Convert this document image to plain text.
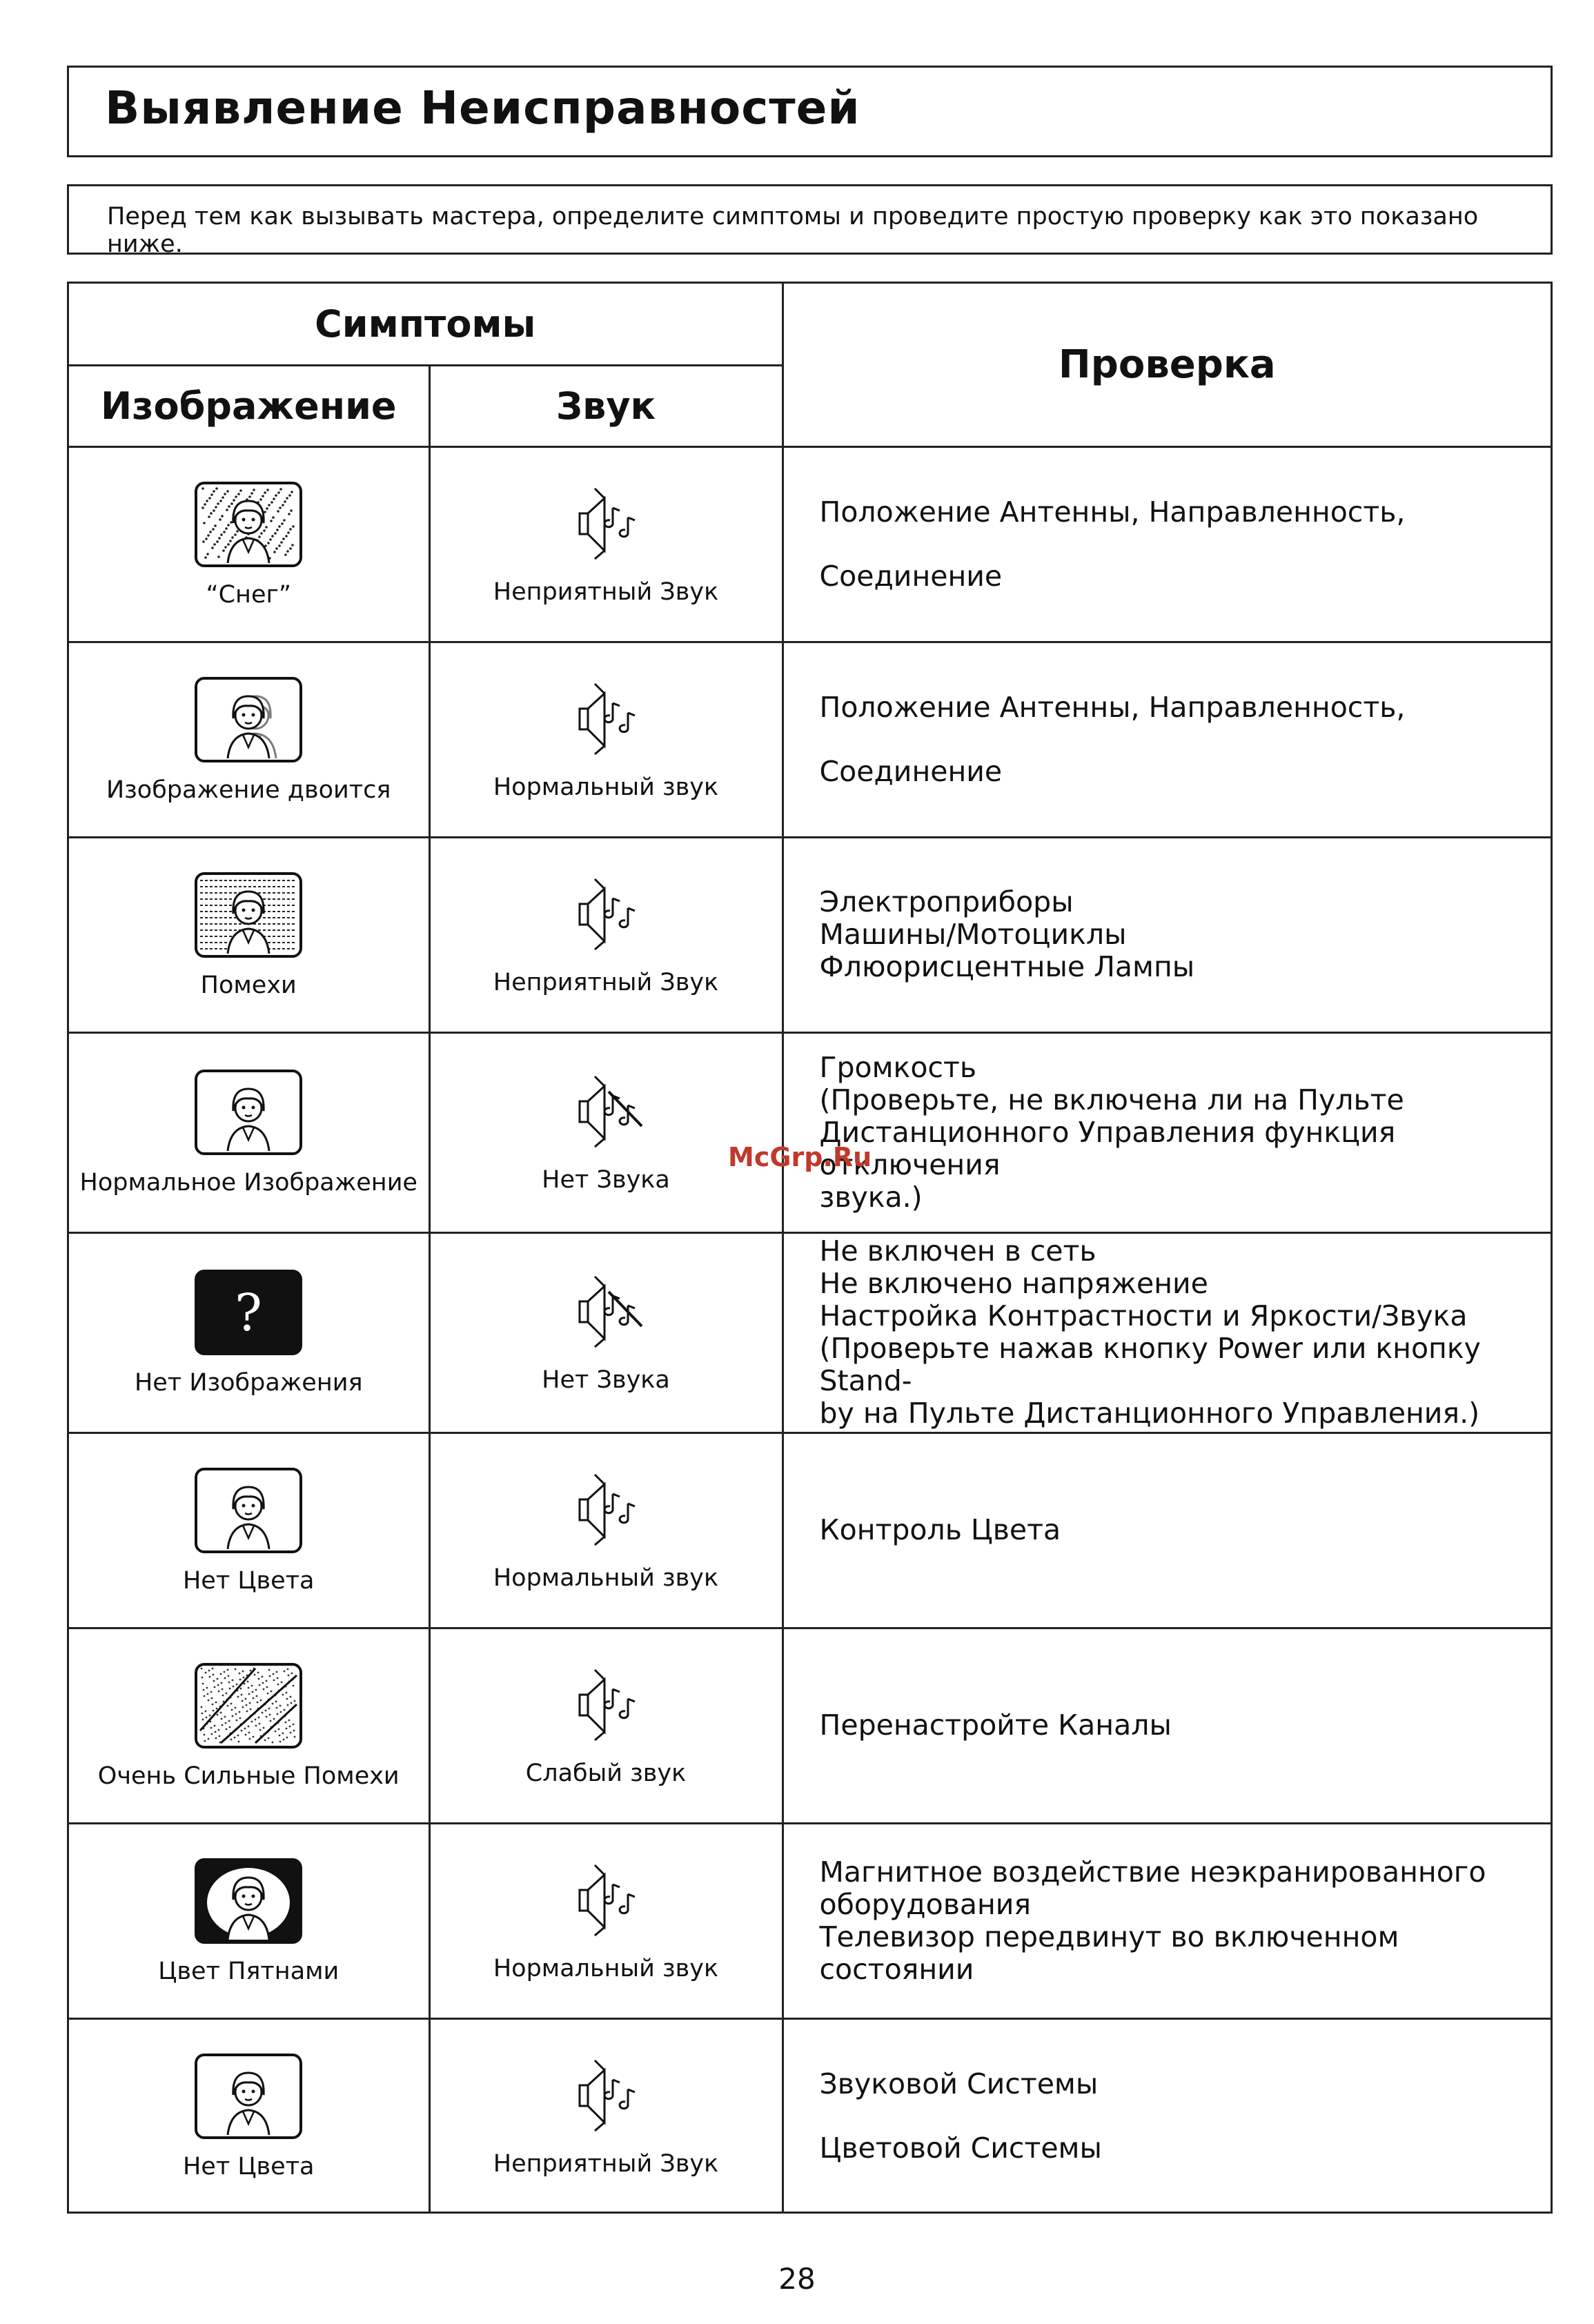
Выявление Неисправностей

Перед тем как вызывать мастера, определите симптомы и проведите простую проверку как это показано ниже.

Симптомы		Проверка
Изображение	Звук	

“Снег”	Неприятный Звук	Положение Антенны, Направленность,
Соединение

Изображение двоится	Нормальный звук	Положение Антенны, Направленность,
Соединение

Помехи	Неприятный Звук	Электроприборы
Машины/Мотоциклы
Флюорисцентные Лампы

Нормальное Изображение	Нет Звука	Громкость
(Проверьте, не включена ли на Пульте
Дистанционного Управления функция отключения
звука.)

?
Нет Изображения	Нет Звука	Не включен в сеть
Не включено напряжение
Настройка Контрастности и Яркости/Звука
(Проверьте нажав кнопку Power или кнопку Stand-
by на Пульте Дистанционного Управления.)

Нет Цвета	Нормальный звук	Контроль Цвета

Очень Сильные Помехи	Слабый звук	Перенастройте Каналы

Цвет Пятнами	Нормальный звук	Магнитное воздействие неэкранированного
оборудования
Телевизор передвинут во включенном состоянии

Нет Цвета	Неприятный Звук	Звуковой Системы
Цветовой Системы
McGrp.Ru
28
